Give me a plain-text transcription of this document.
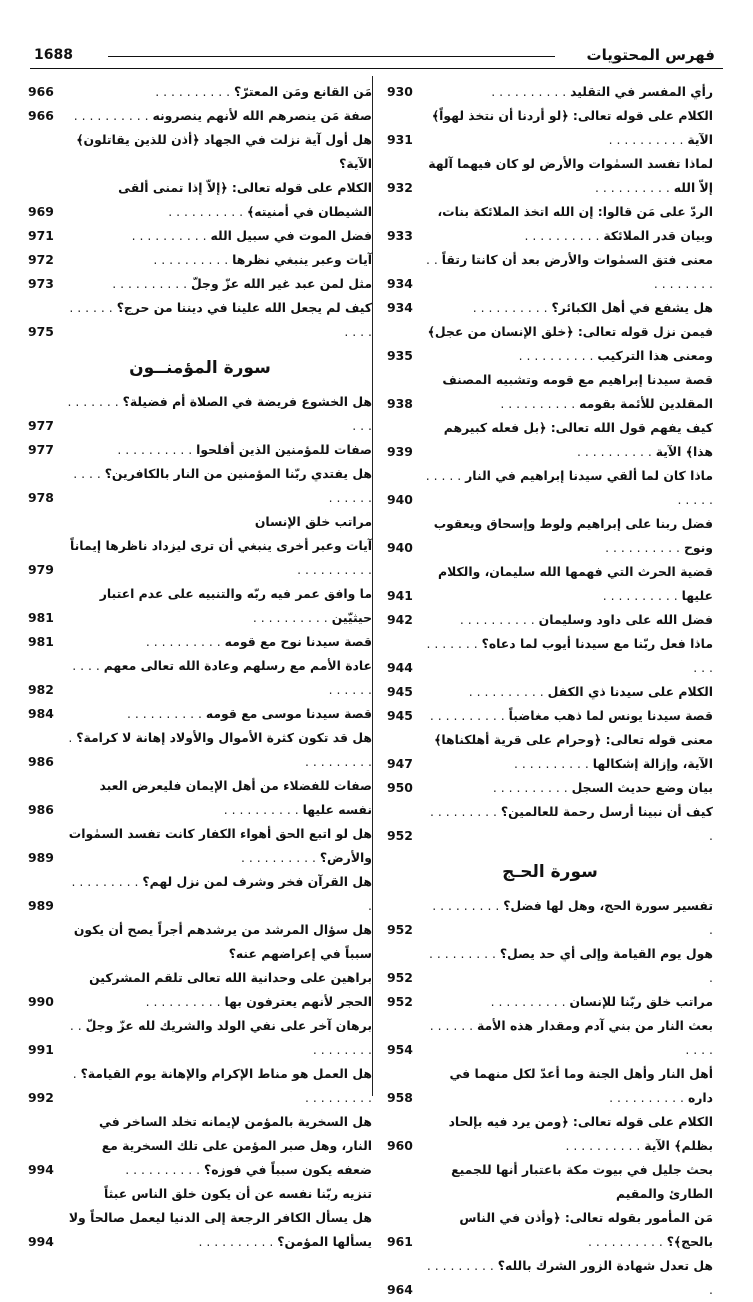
فهرس المحتويات
1688
رأي المفسر في التقليد . . . . . . . . . .
930
الكلام على قوله تعالى: ﴿لو أردنا أن نتخذ لهواً﴾ الآية . . . . . . . . . .
931
لماذا تفسد السمٰوات والأرض لو كان فيهما آلهة إلاّ الله . . . . . . . . . .
932
الردّ على مَن قالوا: إن الله اتخذ الملائكة بنات، وبيان قدر الملائكة . . . . . . . . . .
933
معنى فتق السمٰوات والأرض بعد أن كانتا رتقاً . . . . . . . . . .
934
هل يشفع في أهل الكبائر؟ . . . . . . . . . .
934
فيمن نزل قوله تعالى: ﴿خلق الإنسان من عجل﴾ ومعنى هذا التركيب . . . . . . . . . .
935
قصة سيدنا إبراهيم مع قومه وتشبيه المصنف المقلدين للأئمة بقومه . . . . . . . . . .
938
كيف يفهم قول الله تعالى: ﴿بل فعله كبيرهم هذا﴾ الآية . . . . . . . . . .
939
ماذا كان لما ألقي سيدنا إبراهيم في النار . . . . . . . . . .
940
فضل ربنا على إبراهيم ولوط وإسحاق ويعقوب ونوح . . . . . . . . . .
940
قضية الحرث التي فهمها الله سليمان، والكلام عليها . . . . . . . . . .
941
فضل الله على داود وسليمان . . . . . . . . . .
942
ماذا فعل ربّنا مع سيدنا أيوب لما دعاه؟ . . . . . . . . . .
944
الكلام على سيدنا ذي الكفل . . . . . . . . . .
945
قصة سيدنا يونس لما ذهب مغاضباً . . . . . . . . . .
945
معنى قوله تعالى: ﴿وحرام على قرية أهلكناها﴾ الآية، وإزالة إشكالها . . . . . . . . . .
947
بيان وضع حديث السجل . . . . . . . . . .
950
كيف أن نبينا أرسل رحمة للعالمين؟ . . . . . . . . . .
952
سورة الحـج
تفسير سورة الحج، وهل لها فضل؟ . . . . . . . . . .
952
هول يوم القيامة وإلى أي حد يصل؟ . . . . . . . . . .
952
مراتب خلق ربّنا للإنسان . . . . . . . . . .
952
بعث النار من بني آدم ومقدار هذه الأمة . . . . . . . . . .
954
أهل النار وأهل الجنة وما أعدّ لكل منهما في داره . . . . . . . . . .
958
الكلام على قوله تعالى: ﴿ومن يرد فيه بإلحاد بظلم﴾ الآية . . . . . . . . . .
960
بحث جليل في بيوت مكة باعتبار أنها للجميع الطارئ والمقيم
مَن المأمور بقوله تعالى: ﴿وأذن في الناس بالحج﴾؟ . . . . . . . . . .
961
هل تعدل شهادة الزور الشرك بالله؟ . . . . . . . . . .
964
مَن القانع ومَن المعترّ؟ . . . . . . . . . .
966
صفة مَن ينصرهم الله لأنهم ينصرونه . . . . . . . . . .
966
هل أول آية نزلت في الجهاد ﴿أذن للذين يقاتلون﴾ الآية؟
الكلام على قوله تعالى: ﴿إلاّ إذا تمنى ألقى الشيطان في أمنيته﴾ . . . . . . . . . .
969
فضل الموت في سبيل الله . . . . . . . . . .
971
آيات وعبر ينبغي نظرها . . . . . . . . . .
972
مثل لمن عبد غير الله عزّ وجلّ . . . . . . . . . .
973
كيف لم يجعل الله علينا في ديننا من حرج؟ . . . . . . . . . .
975
سورة المؤمنــون
هل الخشوع فريضة في الصلاة أم فضيلة؟ . . . . . . . . . .
977
صفات للمؤمنين الذين أفلحوا . . . . . . . . . .
977
هل يفتدي ربّنا المؤمنين من النار بالكافرين؟ . . . . . . . . . .
978
مراتب خلق الإنسان
آيات وعبر أخرى ينبغي أن ترى ليزداد ناظرها إيماناً . . . . . . . . . .
979
ما وافق عمر فيه ربّه والتنبيه على عدم اعتبار حيثيّين . . . . . . . . . .
981
قصة سيدنا نوح مع قومه . . . . . . . . . .
981
عادة الأمم مع رسلهم وعادة الله تعالى معهم . . . . . . . . . .
982
قصة سيدنا موسى مع قومه . . . . . . . . . .
984
هل قد تكون كثرة الأموال والأولاد إهانة لا كرامة؟ . . . . . . . . . .
986
صفات للفضلاء من أهل الإيمان فليعرض العبد نفسه عليها . . . . . . . . . .
986
هل لو اتبع الحق أهواء الكفار كانت تفسد السمٰوات والأرض؟ . . . . . . . . . .
989
هل القرآن فخر وشرف لمن نزل لهم؟ . . . . . . . . . .
989
هل سؤال المرشد من يرشدهم أجراً يصح أن يكون سبباً في إعراضهم عنه؟
براهين على وحدانية الله تعالى تلقم المشركين الحجر لأنهم يعترفون بها . . . . . . . . . .
990
برهان آخر على نفي الولد والشريك لله عزّ وجلّ . . . . . . . . . .
991
هل العمل هو مناط الإكرام والإهانة يوم القيامة؟ . . . . . . . . . .
992
هل السخرية بالمؤمن لإيمانه تخلد الساخر في النار، وهل صبر المؤمن على تلك السخرية مع ضعفه يكون سبباً في فوزه؟ . . . . . . . . . .
994
تنزيه ربّنا نفسه عن أن يكون خلق الناس عبثاً
هل يسأل الكافر الرجعة إلى الدنيا ليعمل صالحاً ولا يسألها المؤمن؟ . . . . . . . . . .
994
